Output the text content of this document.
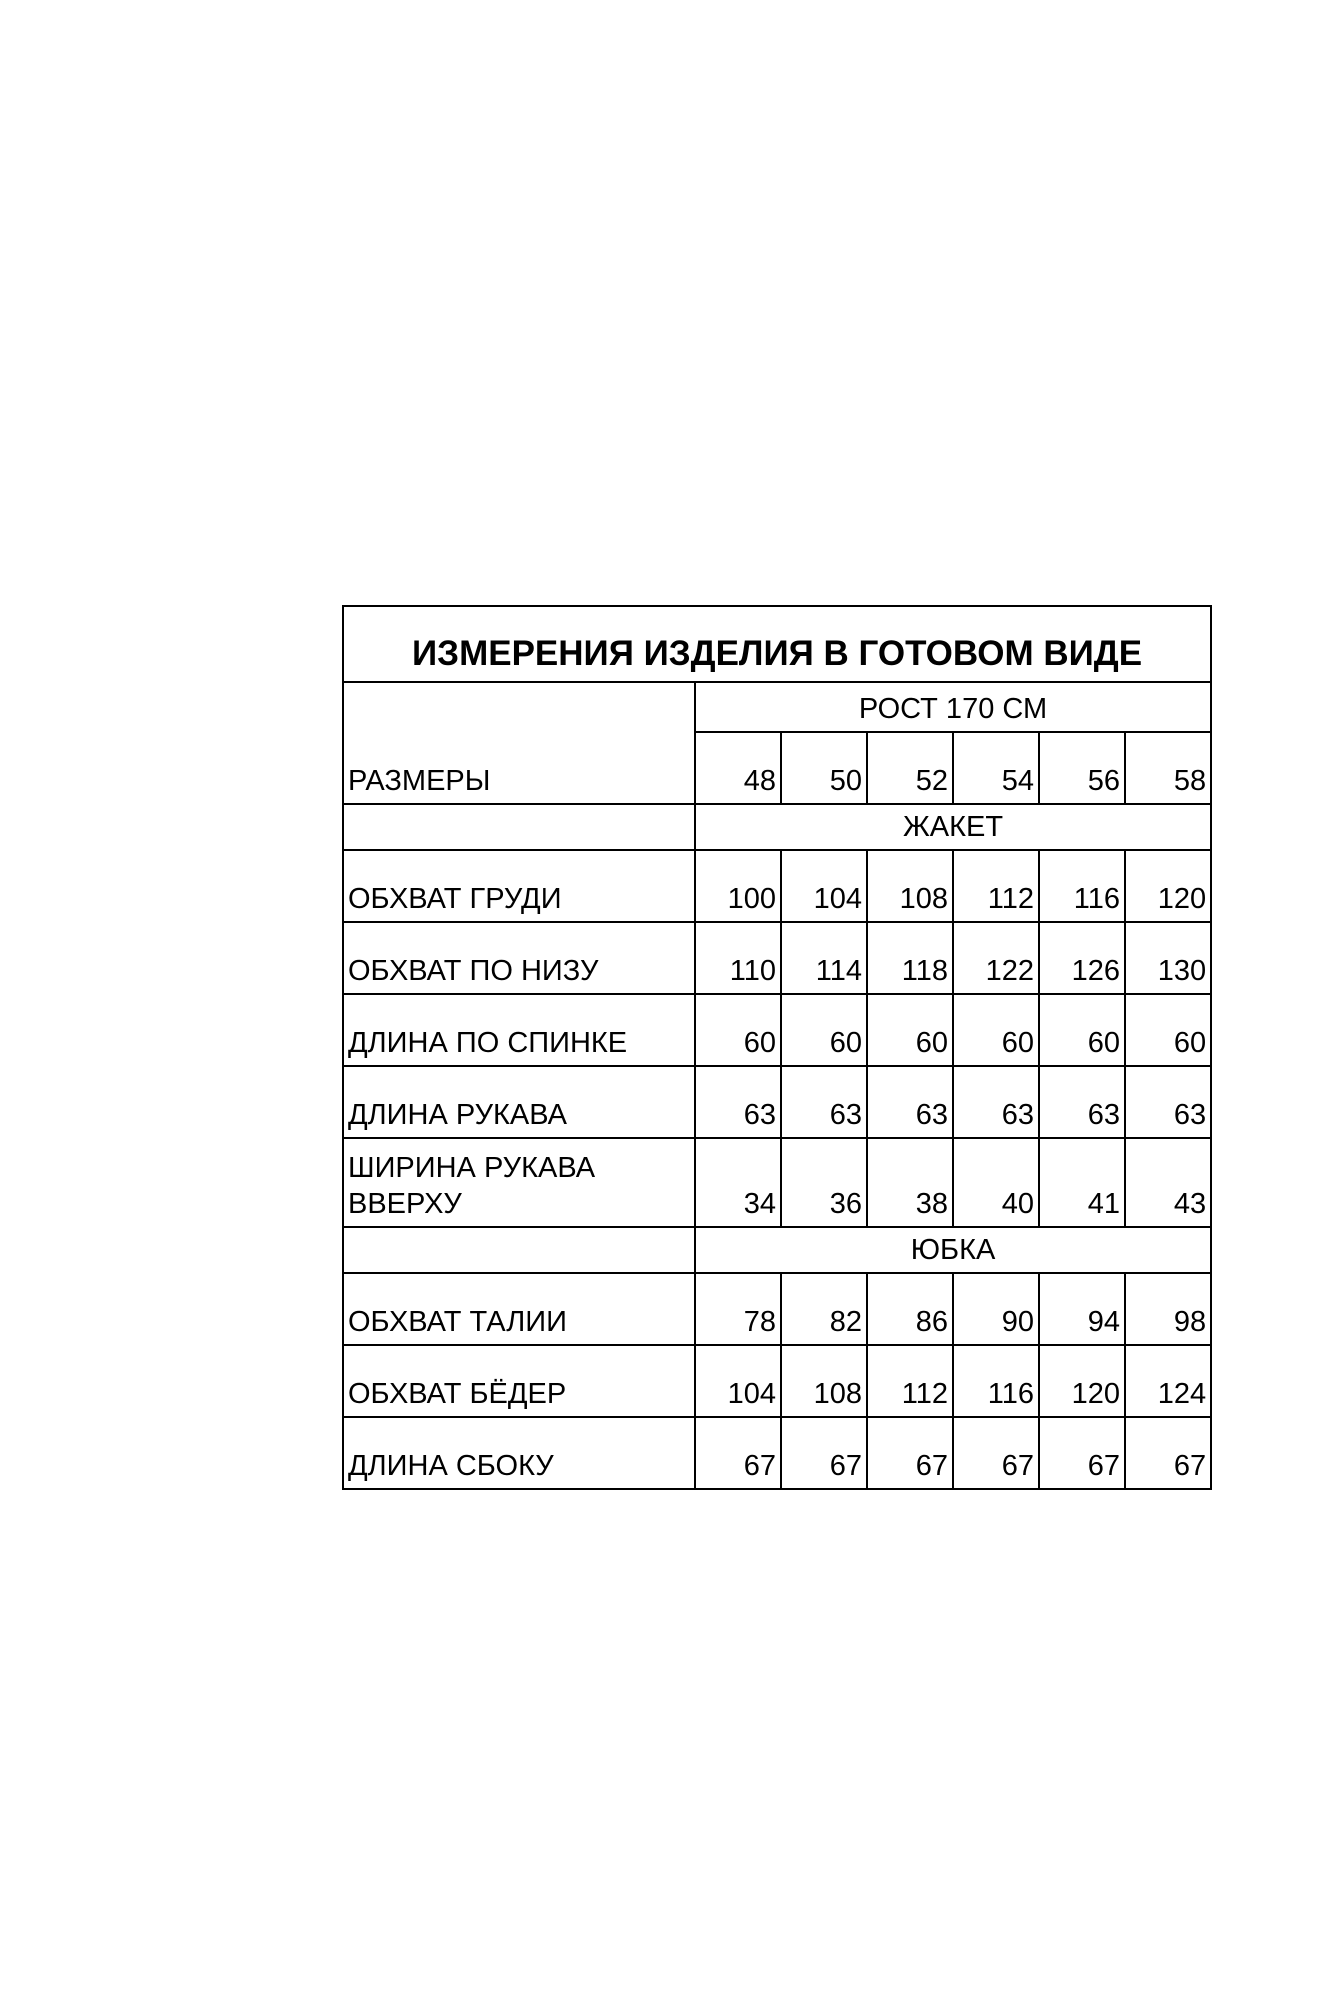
ИЗМЕРЕНИЯ ИЗДЕЛИЯ В ГОТОВОМ ВИДЕ						
РАЗМЕРЫ	РОСТ 170 СМ					
	48	50	52	54	56	58
	ЖАКЕТ					
ОБХВАТ ГРУДИ	100	104	108	112	116	120
ОБХВАТ ПО НИЗУ	110	114	118	122	126	130
ДЛИНА ПО СПИНКЕ	60	60	60	60	60	60
ДЛИНА РУКАВА	63	63	63	63	63	63
ШИРИНА РУКАВА ВВЕРХУ	34	36	38	40	41	43
	ЮБКА					
ОБХВАТ ТАЛИИ	78	82	86	90	94	98
ОБХВАТ БЁДЕР	104	108	112	116	120	124
ДЛИНА СБОКУ	67	67	67	67	67	67
